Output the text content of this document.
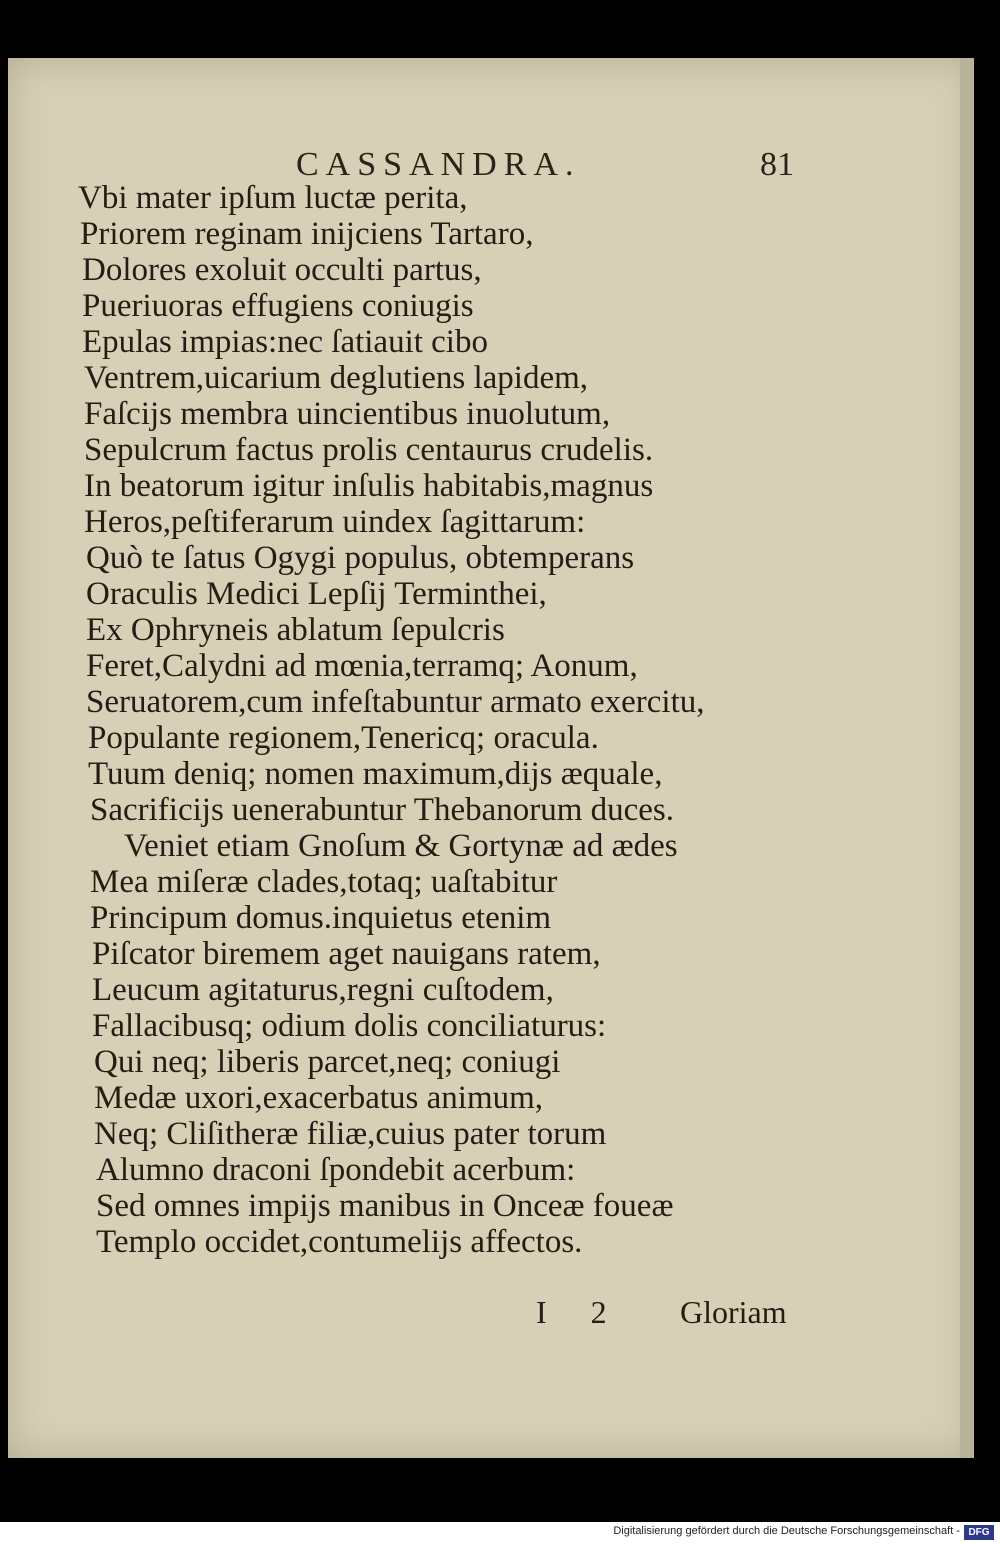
CASSANDRA.	81
Vbi mater ipſum luctæ perita,
Priorem reginam inijciens Tartaro,
Dolores exoluit occulti partus,
Pueriuoras effugiens coniugis
Epulas impias:nec ſatiauit cibo
Ventrem,uicarium deglutiens lapidem,
Faſcijs membra uincientibus inuolutum,
Sepulcrum factus prolis centaurus crudelis.
In beatorum igitur inſulis habitabis,magnus
Heros,peſtiferarum uindex ſagittarum:
Quò te ſatus Ogygi populus, obtemperans
Oraculis Medici Lepſij Terminthei,
Ex Ophryneis ablatum ſepulcris
Feret,Calydni ad mœnia,terramq; Aonum,
Seruatorem,cum infeſtabuntur armato exercitu,
Populante regionem,Tenericq; oracula.
Tuum deniq; nomen maximum,dijs æquale,
Sacrificijs uenerabuntur Thebanorum duces.
Veniet etiam Gnoſum & Gortynæ ad ædes
Mea miſeræ clades,totaq; uaſtabitur
Principum domus.inquietus etenim
Piſcator biremem aget nauigans ratem,
Leucum agitaturus,regni cuſtodem,
Fallacibusq; odium dolis conciliaturus:
Qui neq; liberis parcet,neq; coniugi
Medæ uxori,exacerbatus animum,
Neq; Cliſitheræ filiæ,cuius pater torum
Alumno draconi ſpondebit acerbum:
Sed omnes impijs manibus in Onceæ foueæ
Templo occidet,contumelijs affectos.
I 2 Gloriam
Digitalisierung gefördert durch die Deutsche Forschungsgemeinschaft - DFG
